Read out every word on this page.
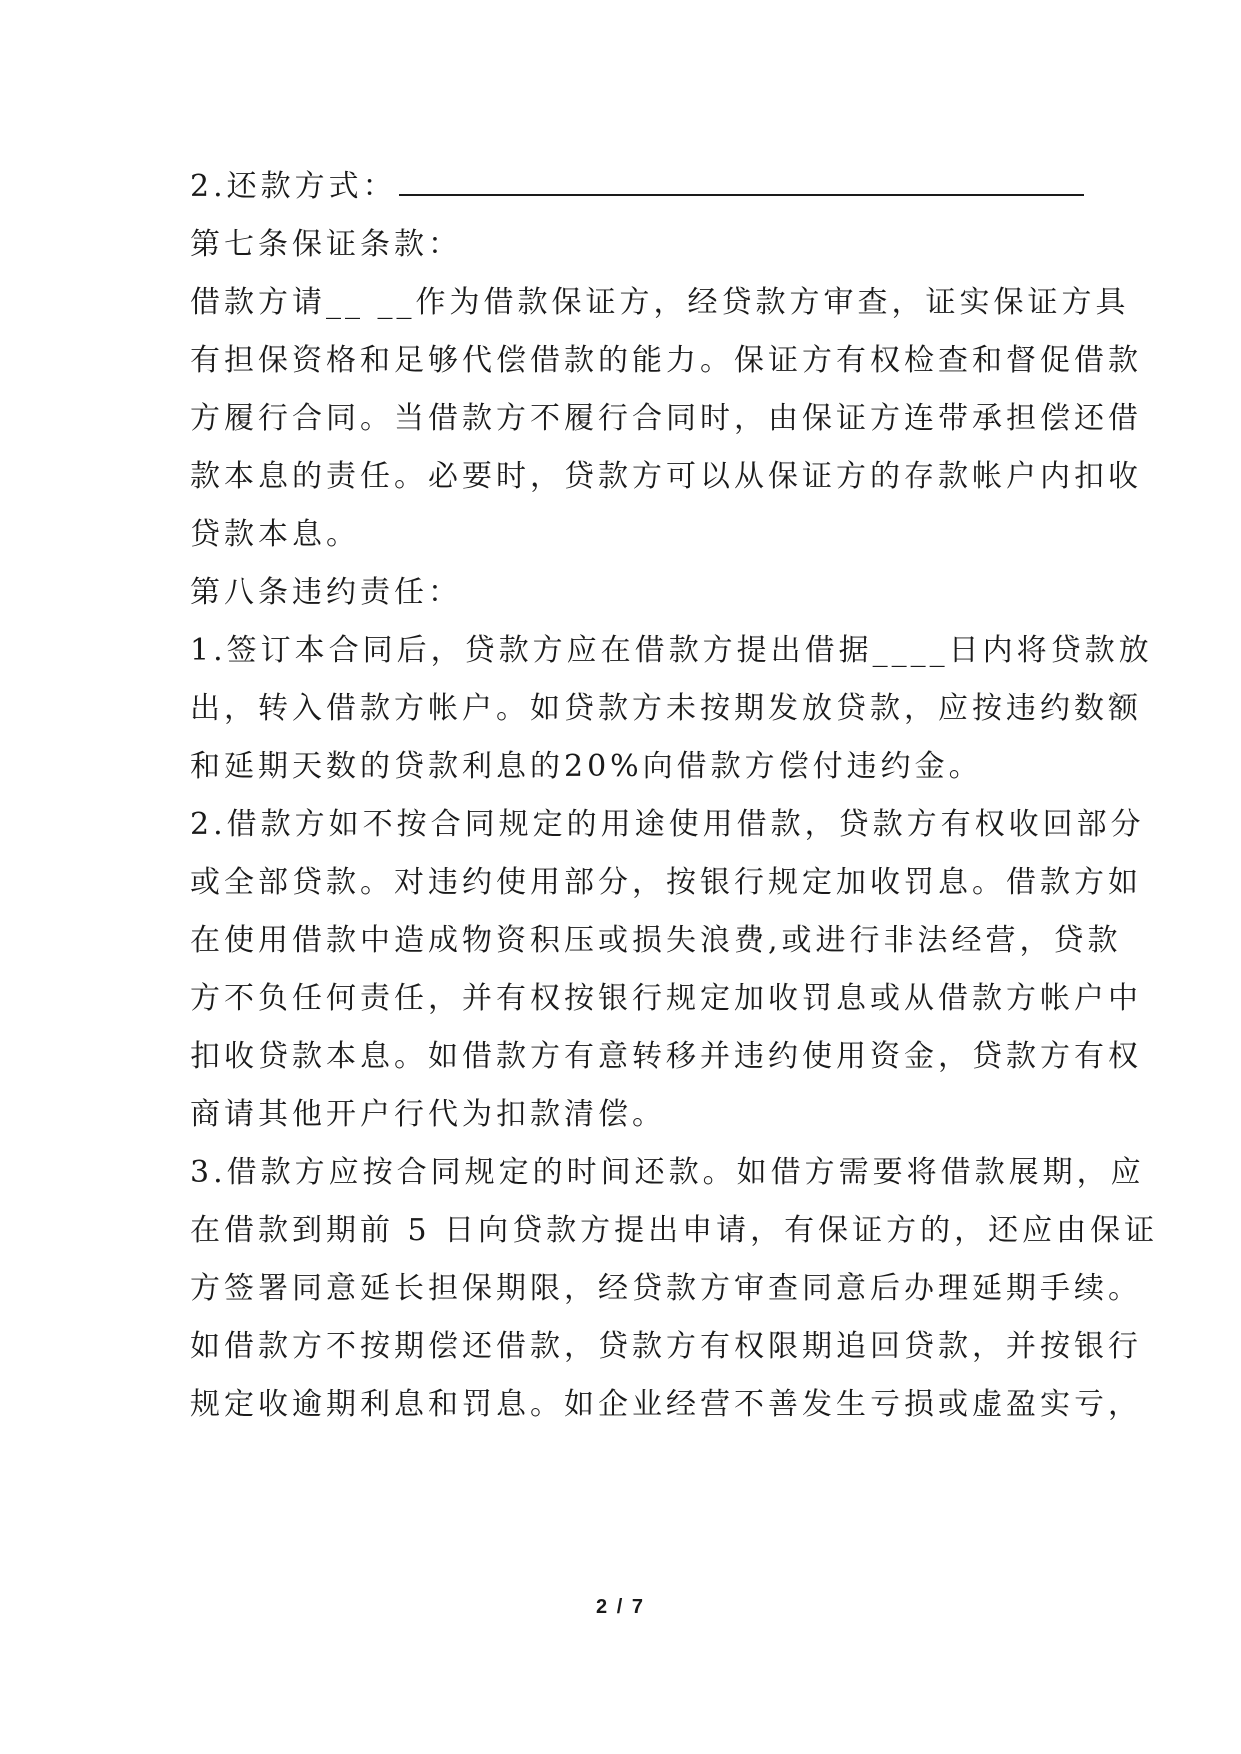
2.还款方式：
第七条保证条款：
借款方请__ __作为借款保证方，经贷款方审查，证实保证方具
有担保资格和足够代偿借款的能力。保证方有权检查和督促借款
方履行合同。当借款方不履行合同时，由保证方连带承担偿还借
款本息的责任。必要时，贷款方可以从保证方的存款帐户内扣收
贷款本息。
第八条违约责任：
1.签订本合同后，贷款方应在借款方提出借据____日内将贷款放
出，转入借款方帐户。如贷款方未按期发放贷款，应按违约数额
和延期天数的贷款利息的20%向借款方偿付违约金。
2.借款方如不按合同规定的用途使用借款，贷款方有权收回部分
或全部贷款。对违约使用部分，按银行规定加收罚息。借款方如
在使用借款中造成物资积压或损失浪费,或进行非法经营，贷款
方不负任何责任，并有权按银行规定加收罚息或从借款方帐户中
扣收贷款本息。如借款方有意转移并违约使用资金，贷款方有权
商请其他开户行代为扣款清偿。
3.借款方应按合同规定的时间还款。如借方需要将借款展期，应
在借款到期前 5 日向贷款方提出申请，有保证方的，还应由保证
方签署同意延长担保期限，经贷款方审查同意后办理延期手续。
如借款方不按期偿还借款，贷款方有权限期追回贷款，并按银行
规定收逾期利息和罚息。如企业经营不善发生亏损或虚盈实亏，
2 / 7
